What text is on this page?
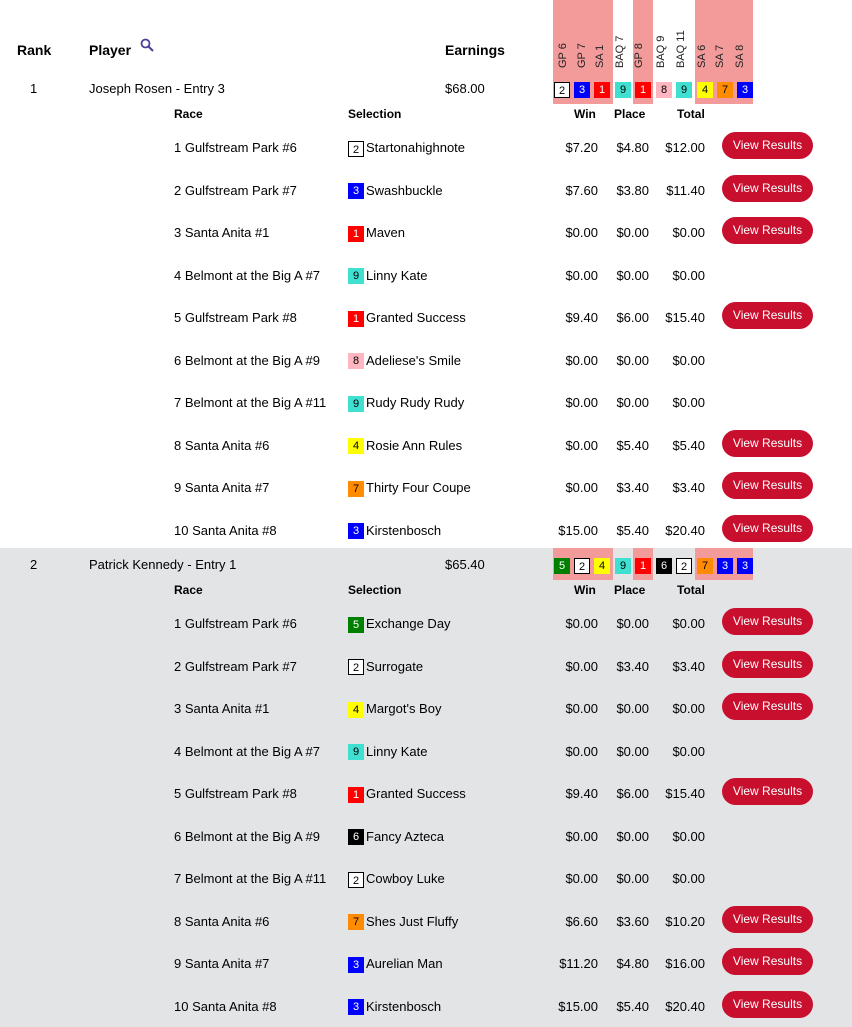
Rank	Player	Earnings	GP 6 GP 7 SA 1 BAQ 7 GP 8 BAQ 9 BAQ 11 SA 6 SA 7 SA 8
1	Joseph Rosen - Entry 3	$68.00	2	3	1	9	1	8	9	4	7	3
Race	Selection	Win Place	Total
1 Gulfstream Park #6	2 Startonahighnote	$7.20	$4.80	$12.00	View Results
2 Gulfstream Park #7	3 Swashbuckle	$7.60	$3.80	$11.40	View Results
3 Santa Anita #1	1 Maven	$0.00	$0.00	$0.00	View Results
4 Belmont at the Big A #7	9 Linny Kate	$0.00	$0.00	$0.00
5 Gulfstream Park #8	1 Granted Success	$9.40	$6.00	$15.40	View Results
6 Belmont at the Big A #9	8 Adeliese's Smile	$0.00	$0.00	$0.00
7 Belmont at the Big A #11	9 Rudy Rudy Rudy	$0.00	$0.00	$0.00
8 Santa Anita #6	4 Rosie Ann Rules	$0.00	$5.40	$5.40	View Results
9 Santa Anita #7	7 Thirty Four Coupe	$0.00	$3.40	$3.40	View Results
10 Santa Anita #8	3 Kirstenbosch	$15.00	$5.40	$20.40	View Results
2	Patrick Kennedy - Entry 1	$65.40	5	2	4	9	1	6	2	7	3	3
Race	Selection	Win Place	Total
1 Gulfstream Park #6	5 Exchange Day	$0.00	$0.00	$0.00	View Results
2 Gulfstream Park #7	2 Surrogate	$0.00	$3.40	$3.40	View Results
3 Santa Anita #1	4 Margot's Boy	$0.00	$0.00	$0.00	View Results
4 Belmont at the Big A #7	9 Linny Kate	$0.00	$0.00	$0.00
5 Gulfstream Park #8	1 Granted Success	$9.40	$6.00	$15.40	View Results
6 Belmont at the Big A #9	6 Fancy Azteca	$0.00	$0.00	$0.00
7 Belmont at the Big A #11	2 Cowboy Luke	$0.00	$0.00	$0.00
8 Santa Anita #6	7 Shes Just Fluffy	$6.60	$3.60	$10.20	View Results
9 Santa Anita #7	3 Aurelian Man	$11.20	$4.80	$16.00	View Results
10 Santa Anita #8	3 Kirstenbosch	$15.00	$5.40	$20.40	View Results
